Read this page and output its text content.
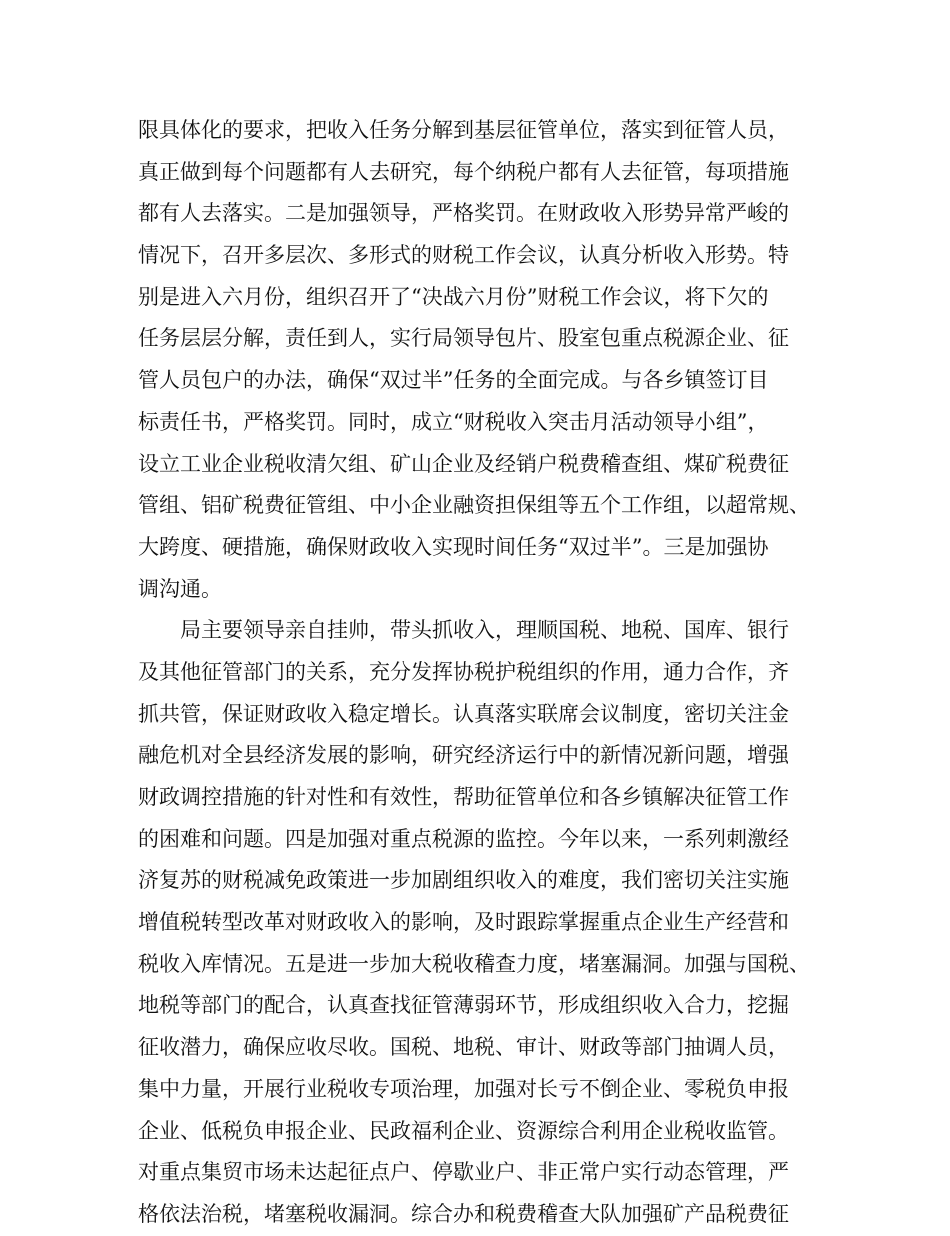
限具体化的要求，把收入任务分解到基层征管单位，落实到征管人员，
真正做到每个问题都有人去研究，每个纳税户都有人去征管，每项措施
都有人去落实。二是加强领导，严格奖罚。在财政收入形势异常严峻的
情况下，召开多层次、多形式的财税工作会议，认真分析收入形势。特
别是进入六月份，组织召开了“决战六月份”财税工作会议，将下欠的
任务层层分解，责任到人，实行局领导包片、股室包重点税源企业、征
管人员包户的办法，确保“双过半”任务的全面完成。与各乡镇签订目
标责任书，严格奖罚。同时，成立“财税收入突击月活动领导小组”，
设立工业企业税收清欠组、矿山企业及经销户税费稽查组、煤矿税费征
管组、铝矿税费征管组、中小企业融资担保组等五个工作组，以超常规、
大跨度、硬措施，确保财政收入实现时间任务“双过半”。三是加强协
调沟通。
局主要领导亲自挂帅，带头抓收入，理顺国税、地税、国库、银行
及其他征管部门的关系，充分发挥协税护税组织的作用，通力合作，齐
抓共管，保证财政收入稳定增长。认真落实联席会议制度，密切关注金
融危机对全县经济发展的影响，研究经济运行中的新情况新问题，增强
财政调控措施的针对性和有效性，帮助征管单位和各乡镇解决征管工作
的困难和问题。四是加强对重点税源的监控。今年以来，一系列刺激经
济复苏的财税减免政策进一步加剧组织收入的难度，我们密切关注实施
增值税转型改革对财政收入的影响，及时跟踪掌握重点企业生产经营和
税收入库情况。五是进一步加大税收稽查力度，堵塞漏洞。加强与国税、
地税等部门的配合，认真查找征管薄弱环节，形成组织收入合力，挖掘
征收潜力，确保应收尽收。国税、地税、审计、财政等部门抽调人员，
集中力量，开展行业税收专项治理，加强对长亏不倒企业、零税负申报
企业、低税负申报企业、民政福利企业、资源综合利用企业税收监管。
对重点集贸市场未达起征点户、停歇业户、非正常户实行动态管理，严
格依法治税，堵塞税收漏洞。综合办和税费稽查大队加强矿产品税费征
